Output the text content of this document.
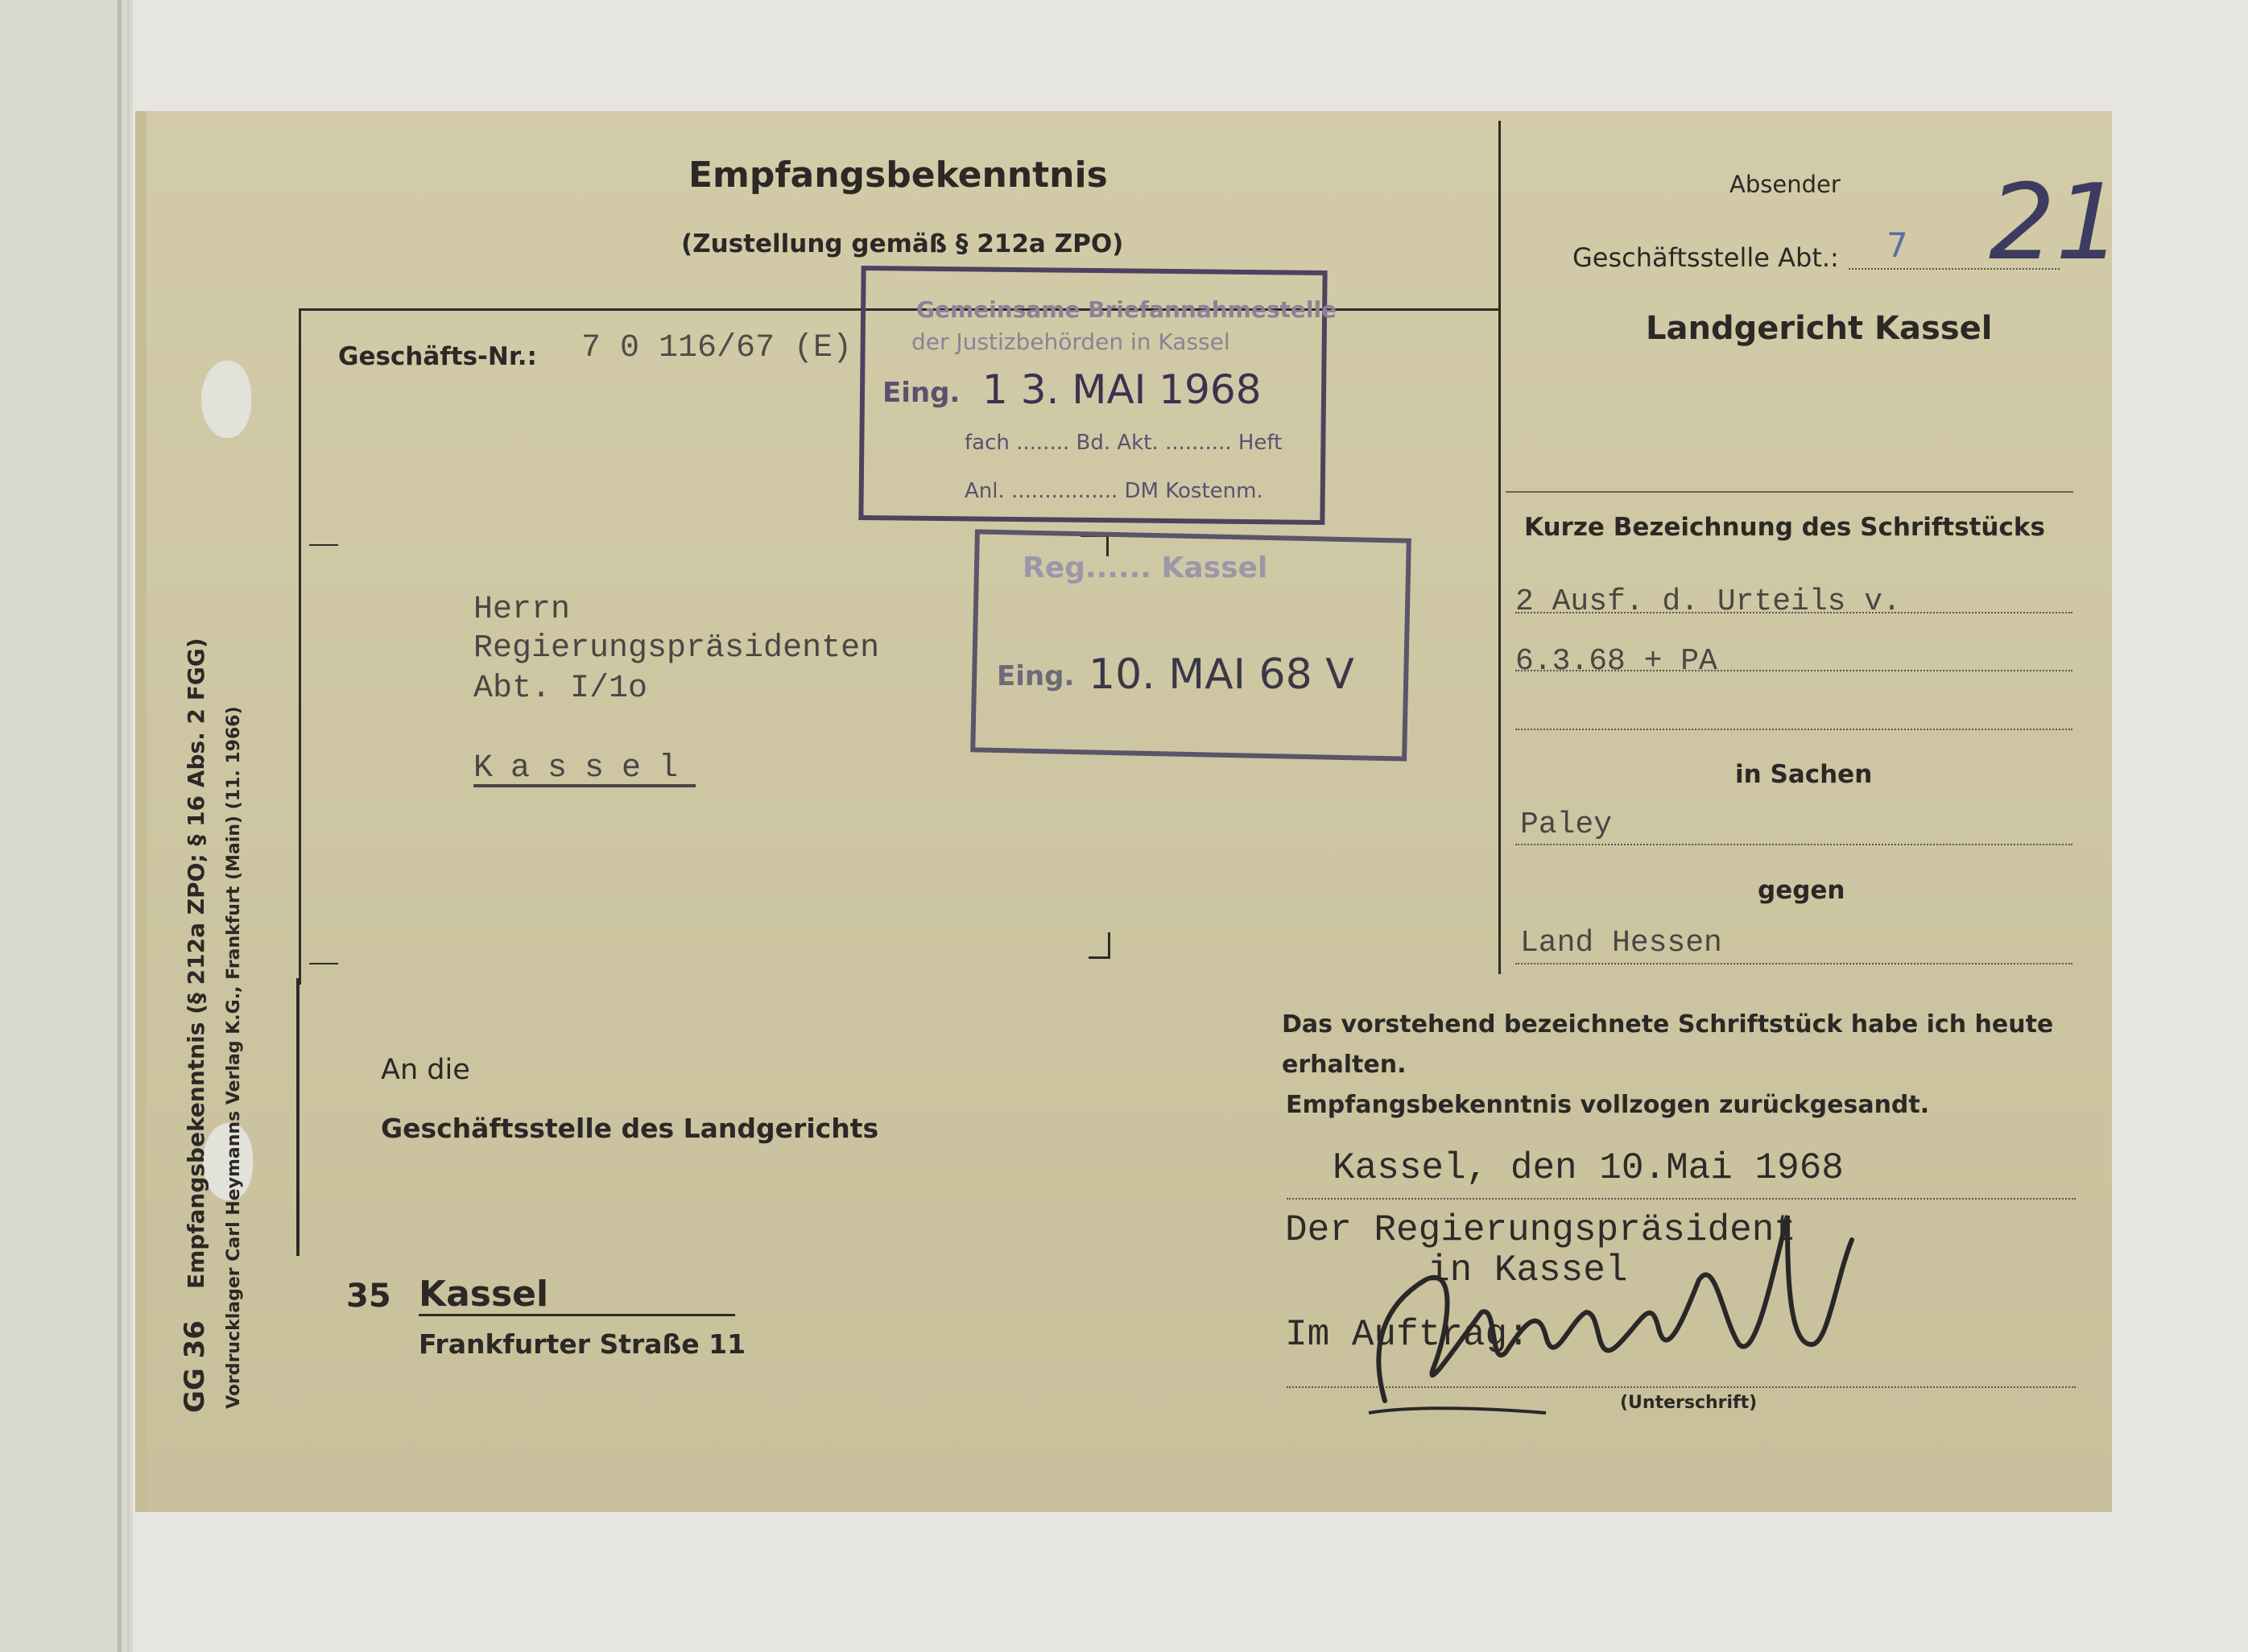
Empfangsbekenntnis
(Zustellung gemäß § 212a ZPO)
Geschäfts-Nr.: 7 0 116/67 (E)
Absender
Geschäftsstelle Abt.: 7 21
Landgericht Kassel
Kurze Bezeichnung des Schriftstücks
2 Ausf. d. Urteils v.
6.3.68 + PA
in Sachen
Paley
gegen
Land Hessen
Herrn
Regierungspräsidenten
Abt. I/1o
Kassel
Gemeinsame Briefannahmestelle
der Justizbehörden in Kassel
Eing. 1 3. MAI 1968
fach ........ Bd. Akt. .......... Heft
Anl. ................ DM Kostenm.
Reg...... Kassel
Eing. 10. MAI 68 V
An die
Geschäftsstelle des Landgerichts
35 Kassel
Frankfurter Straße 11
Das vorstehend bezeichnete Schriftstück habe ich heute
erhalten.
Empfangsbekenntnis vollzogen zurückgesandt.
Kassel, den 10.Mai 1968
Der Regierungspräsident
in Kassel
Im Auftrag:
(Unterschrift)
GG 36    Empfangsbekenntnis (§ 212a ZPO; § 16 Abs. 2 FGG) Vordrucklager Carl Heymanns Verlag K.G., Frankfurt (Main) (11. 1966)
